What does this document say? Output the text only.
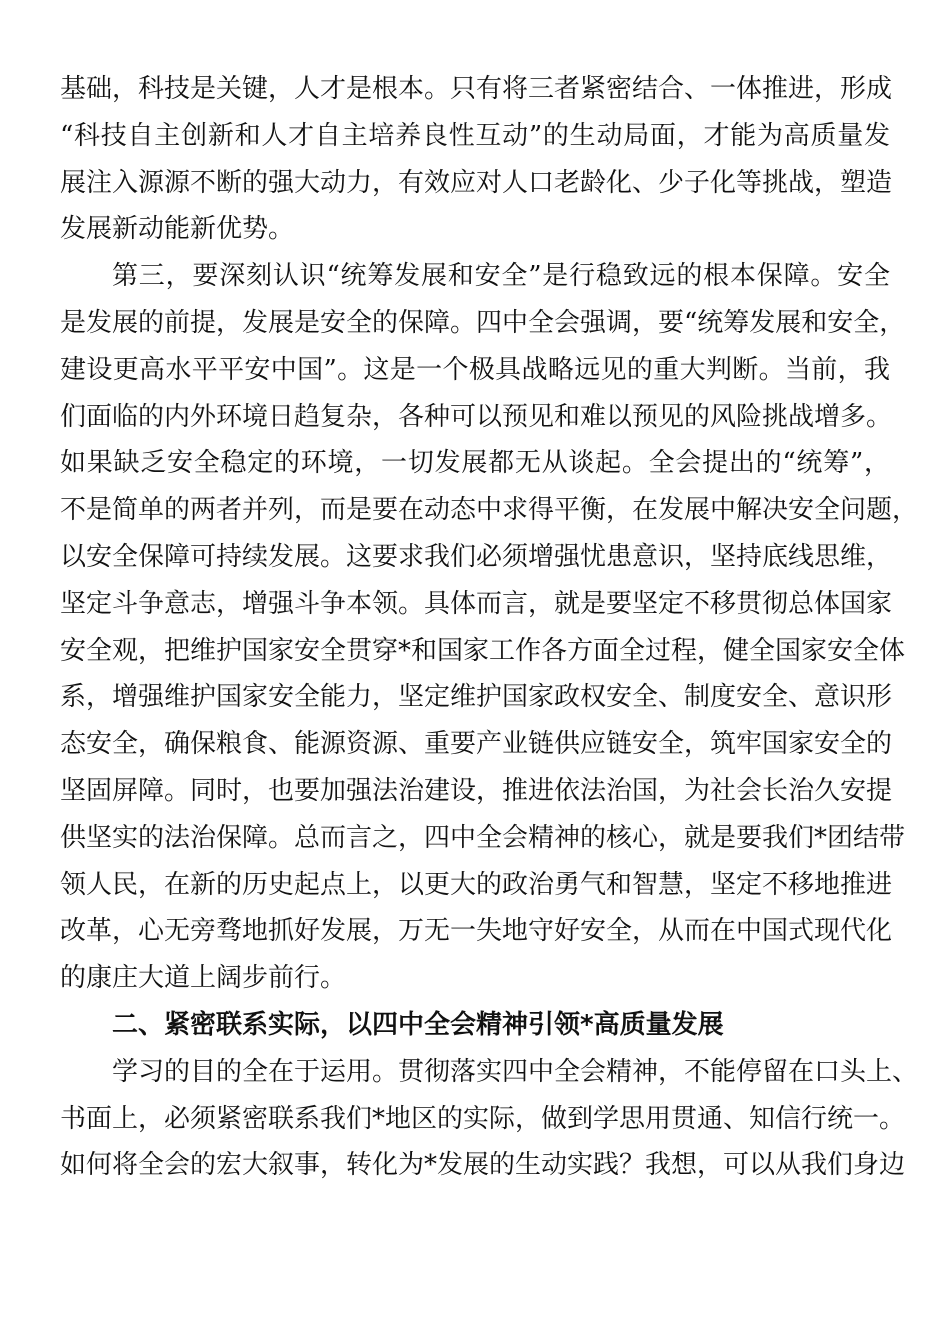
基础，科技是关键，人才是根本。只有将三者紧密结合、一体推进，形成
“科技自主创新和人才自主培养良性互动”的生动局面，才能为高质量发
展注入源源不断的强大动力，有效应对人口老龄化、少子化等挑战，塑造
发展新动能新优势。
第三，要深刻认识“统筹发展和安全”是行稳致远的根本保障。安全
是发展的前提，发展是安全的保障。四中全会强调，要“统筹发展和安全，
建设更高水平平安中国”。这是一个极具战略远见的重大判断。当前，我
们面临的内外环境日趋复杂，各种可以预见和难以预见的风险挑战增多。
如果缺乏安全稳定的环境，一切发展都无从谈起。全会提出的“统筹”，
不是简单的两者并列，而是要在动态中求得平衡，在发展中解决安全问题，
以安全保障可持续发展。这要求我们必须增强忧患意识，坚持底线思维，
坚定斗争意志，增强斗争本领。具体而言，就是要坚定不移贯彻总体国家
安全观，把维护国家安全贯穿*和国家工作各方面全过程，健全国家安全体
系，增强维护国家安全能力，坚定维护国家政权安全、制度安全、意识形
态安全，确保粮食、能源资源、重要产业链供应链安全，筑牢国家安全的
坚固屏障。同时，也要加强法治建设，推进依法治国，为社会长治久安提
供坚实的法治保障。总而言之，四中全会精神的核心，就是要我们*团结带
领人民，在新的历史起点上，以更大的政治勇气和智慧，坚定不移地推进
改革，心无旁骛地抓好发展，万无一失地守好安全，从而在中国式现代化
的康庄大道上阔步前行。
二、紧密联系实际，以四中全会精神引领*高质量发展
学习的目的全在于运用。贯彻落实四中全会精神，不能停留在口头上、
书面上，必须紧密联系我们*地区的实际，做到学思用贯通、知信行统一。
如何将全会的宏大叙事，转化为*发展的生动实践？我想，可以从我们身边
